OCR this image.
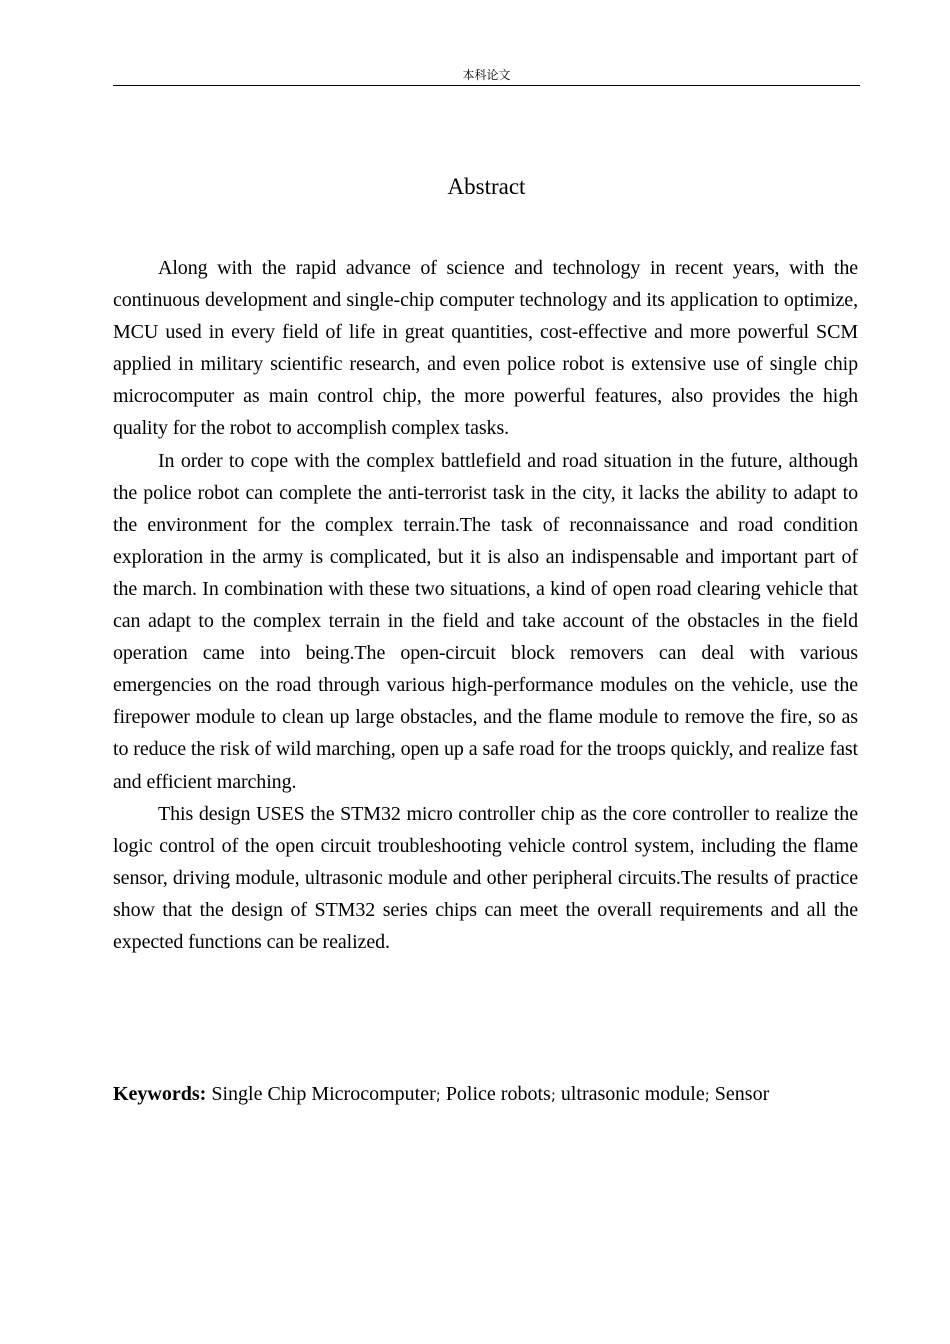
本科论文
Abstract

Along with the rapid advance of science and technology in recent years, with the continuous development and single-chip computer technology and its application to optimize, MCU used in every field of life in great quantities, cost-effective and more powerful SCM applied in military scientific research, and even police robot is extensive use of single chip microcomputer as main control chip, the more powerful features, also provides the high quality for the robot to accomplish complex tasks.

In order to cope with the complex battlefield and road situation in the future, although the police robot can complete the anti-terrorist task in the city, it lacks the ability to adapt to the environment for the complex terrain.The task of reconnaissance and road condition exploration in the army is complicated, but it is also an indispensable and important part of the march. In combination with these two situations, a kind of open road clearing vehicle that can adapt to the complex terrain in the field and take account of the obstacles in the field operation came into being.The open-circuit block removers can deal with various emergencies on the road through various high-performance modules on the vehicle, use the firepower module to clean up large obstacles, and the flame module to remove the fire, so as to reduce the risk of wild marching, open up a safe road for the troops quickly, and realize fast and efficient marching.

This design USES the STM32 micro controller chip as the core controller to realize the logic control of the open circuit troubleshooting vehicle control system, including the flame sensor, driving module, ultrasonic module and other peripheral circuits.The results of practice show that the design of STM32 series chips can meet the overall requirements and all the expected functions can be realized.

Keywords: Single Chip Microcomputer; Police robots; ultrasonic module; Sensor
